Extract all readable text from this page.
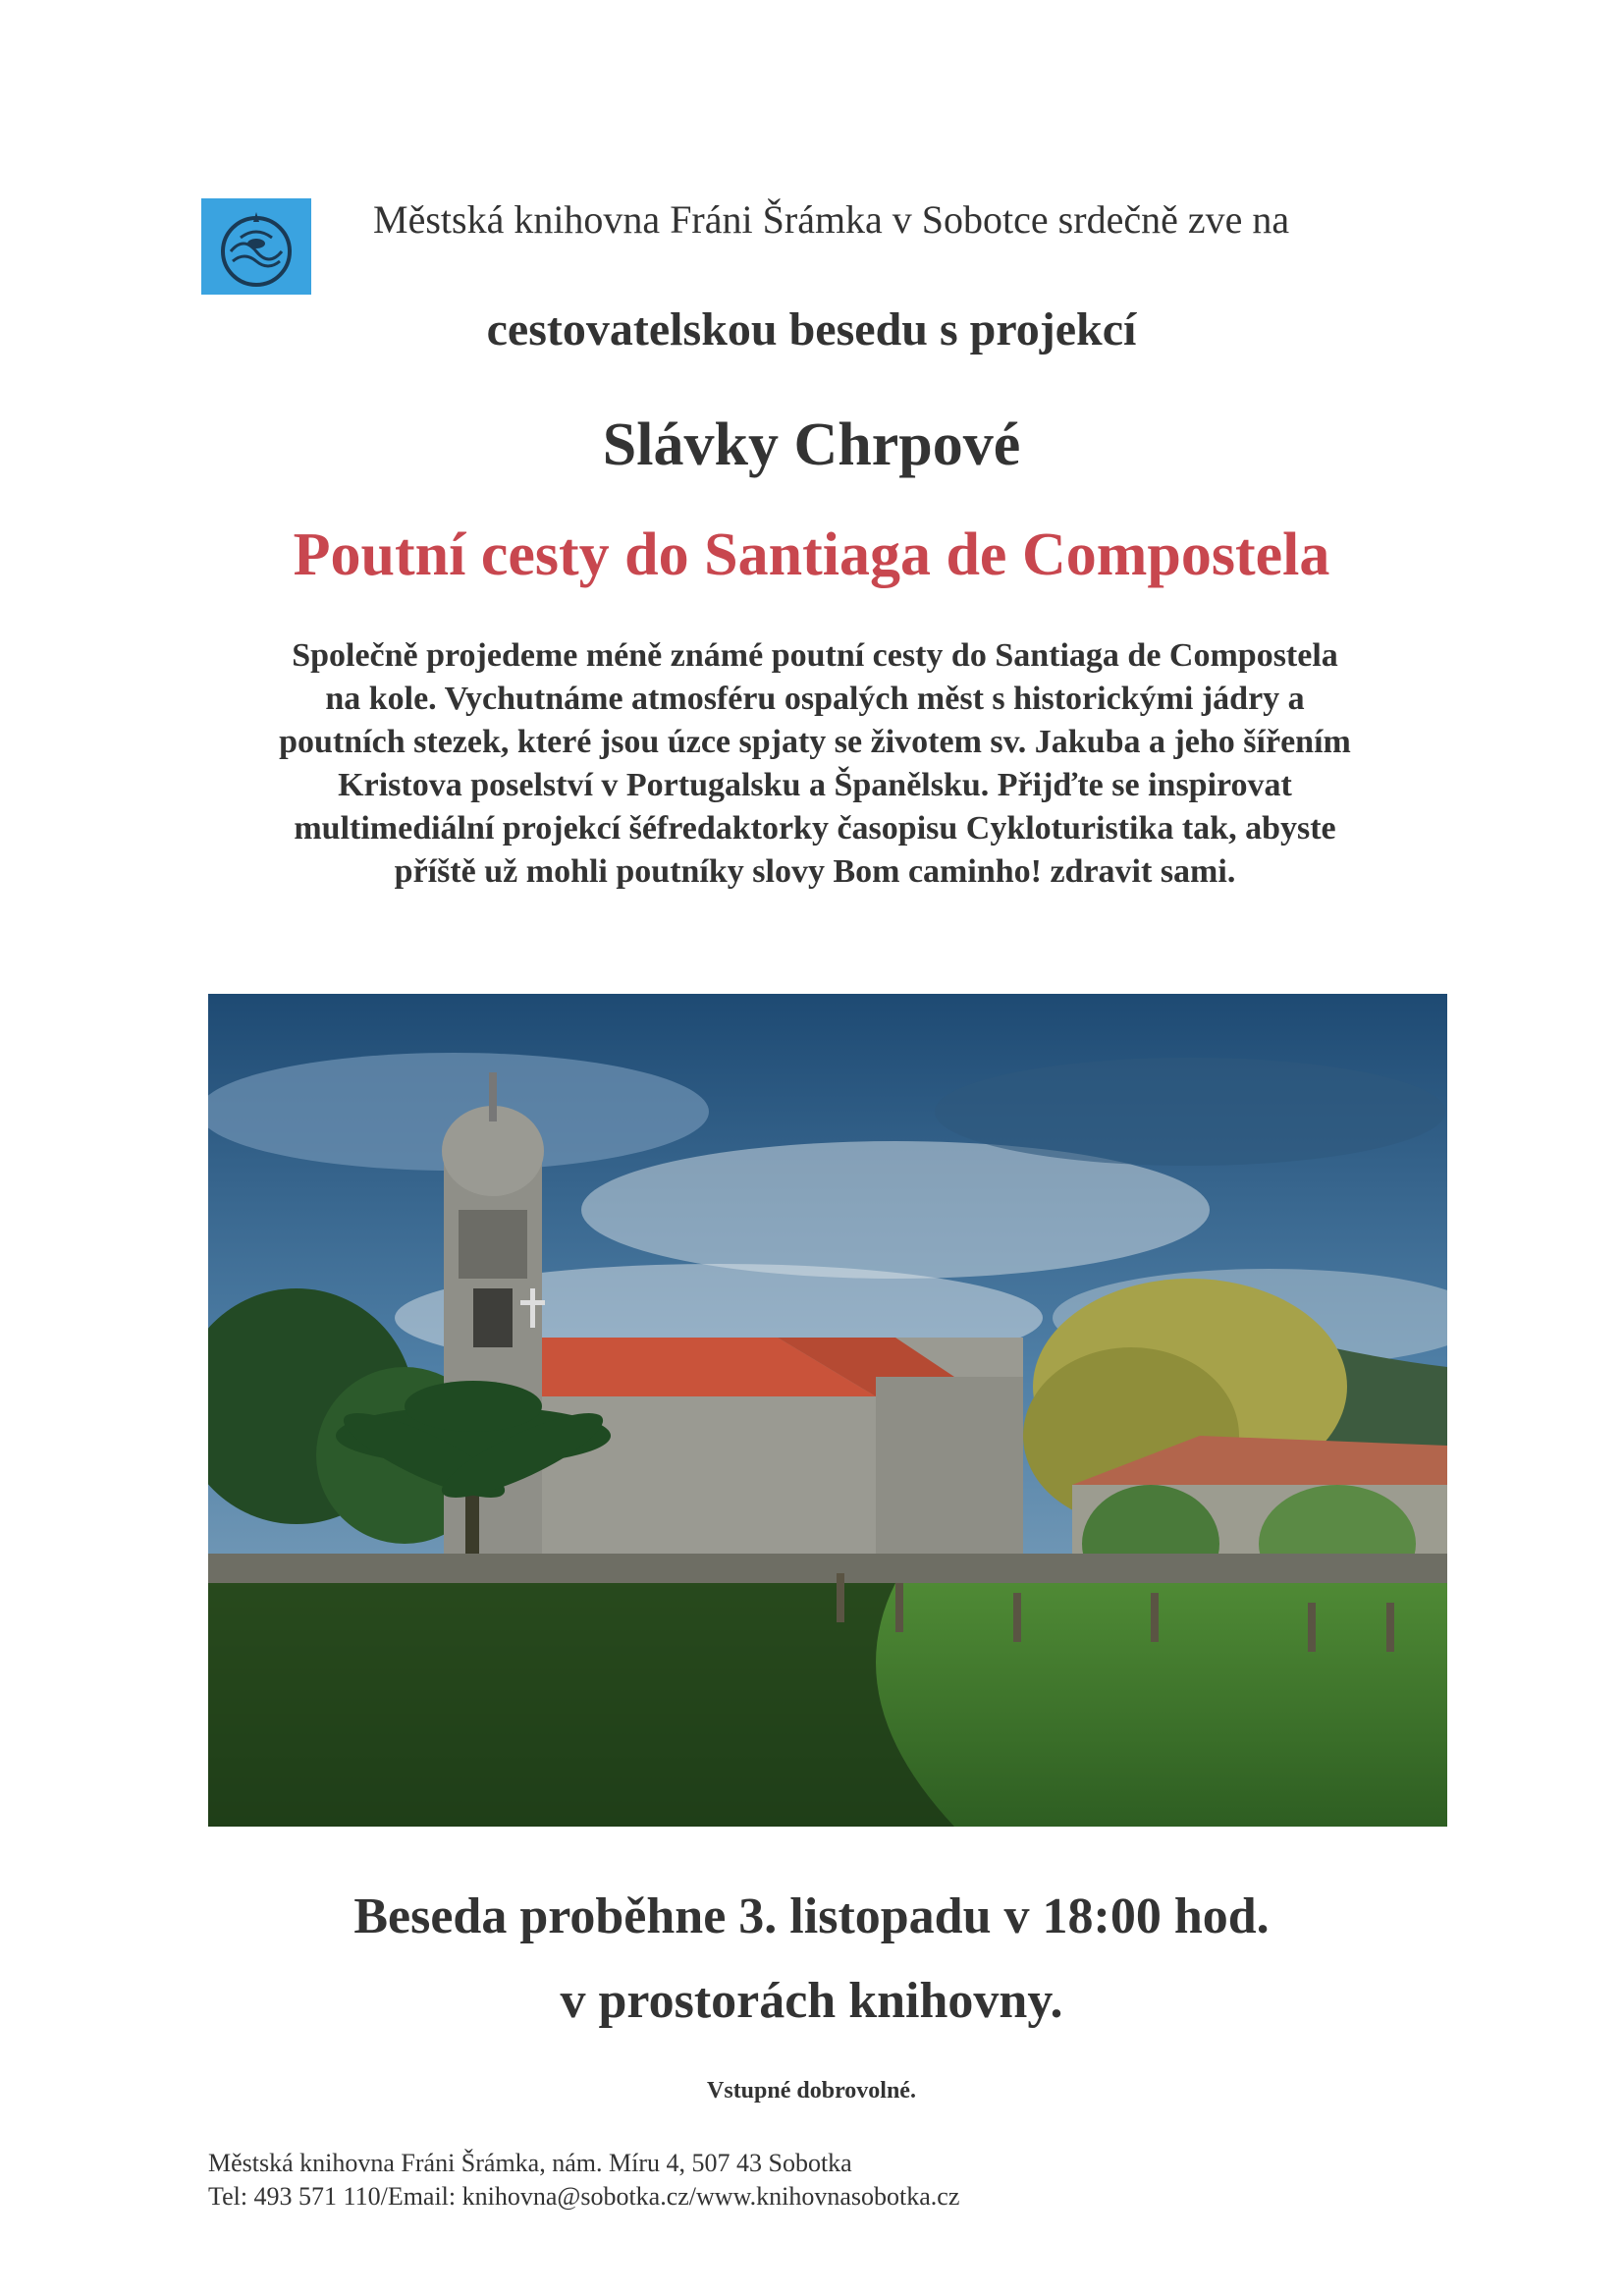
Městská knihovna Fráni Šrámka v Sobotce srdečně zve na
cestovatelskou besedu s projekcí
Slávky Chrpové
Poutní cesty do Santiaga de Compostela
Společně projedeme méně známé poutní cesty do Santiaga de Compostela
na kole. Vychutnáme atmosféru ospalých měst s historickými jádry a
poutních stezek, které jsou úzce spjaty se životem sv. Jakuba a jeho šířením
Kristova poselství v Portugalsku a Španělsku. Přijďte se inspirovat
multimediální projekcí šéfredaktorky časopisu Cykloturistika tak, abyste
příště už mohli poutníky slovy Bom caminho! zdravit sami.
Beseda proběhne 3. listopadu v 18:00 hod.
v prostorách knihovny.
Vstupné dobrovolné.
Městská knihovna Fráni Šrámka, nám. Míru 4, 507 43 Sobotka
Tel: 493 571 110/Email: knihovna@sobotka.cz/www.knihovnasobotka.cz
